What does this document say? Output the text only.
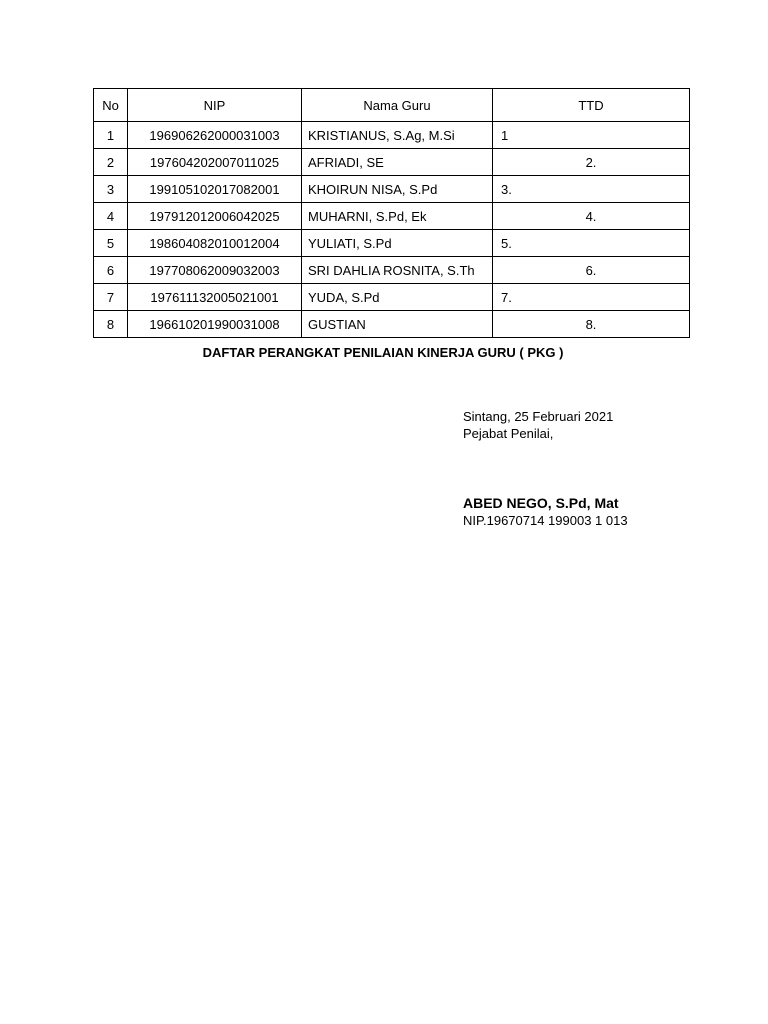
No	NIP	Nama Guru	TTD
1	196906262000031003	KRISTIANUS, S.Ag, M.Si	1
2	197604202007011025	AFRIADI, SE	2.
3	199105102017082001	KHOIRUN NISA, S.Pd	3.
4	197912012006042025	MUHARNI, S.Pd, Ek	4.
5	198604082010012004	YULIATI, S.Pd	5.
6	197708062009032003	SRI DAHLIA ROSNITA, S.Th	6.
7	197611132005021001	YUDA, S.Pd	7.
8	196610201990031008	GUSTIAN	8.
DAFTAR PERANGKAT PENILAIAN KINERJA GURU ( PKG )
Sintang, 25 Februari 2021
Pejabat Penilai,
ABED NEGO, S.Pd, Mat
NIP.19670714 199003 1 013
